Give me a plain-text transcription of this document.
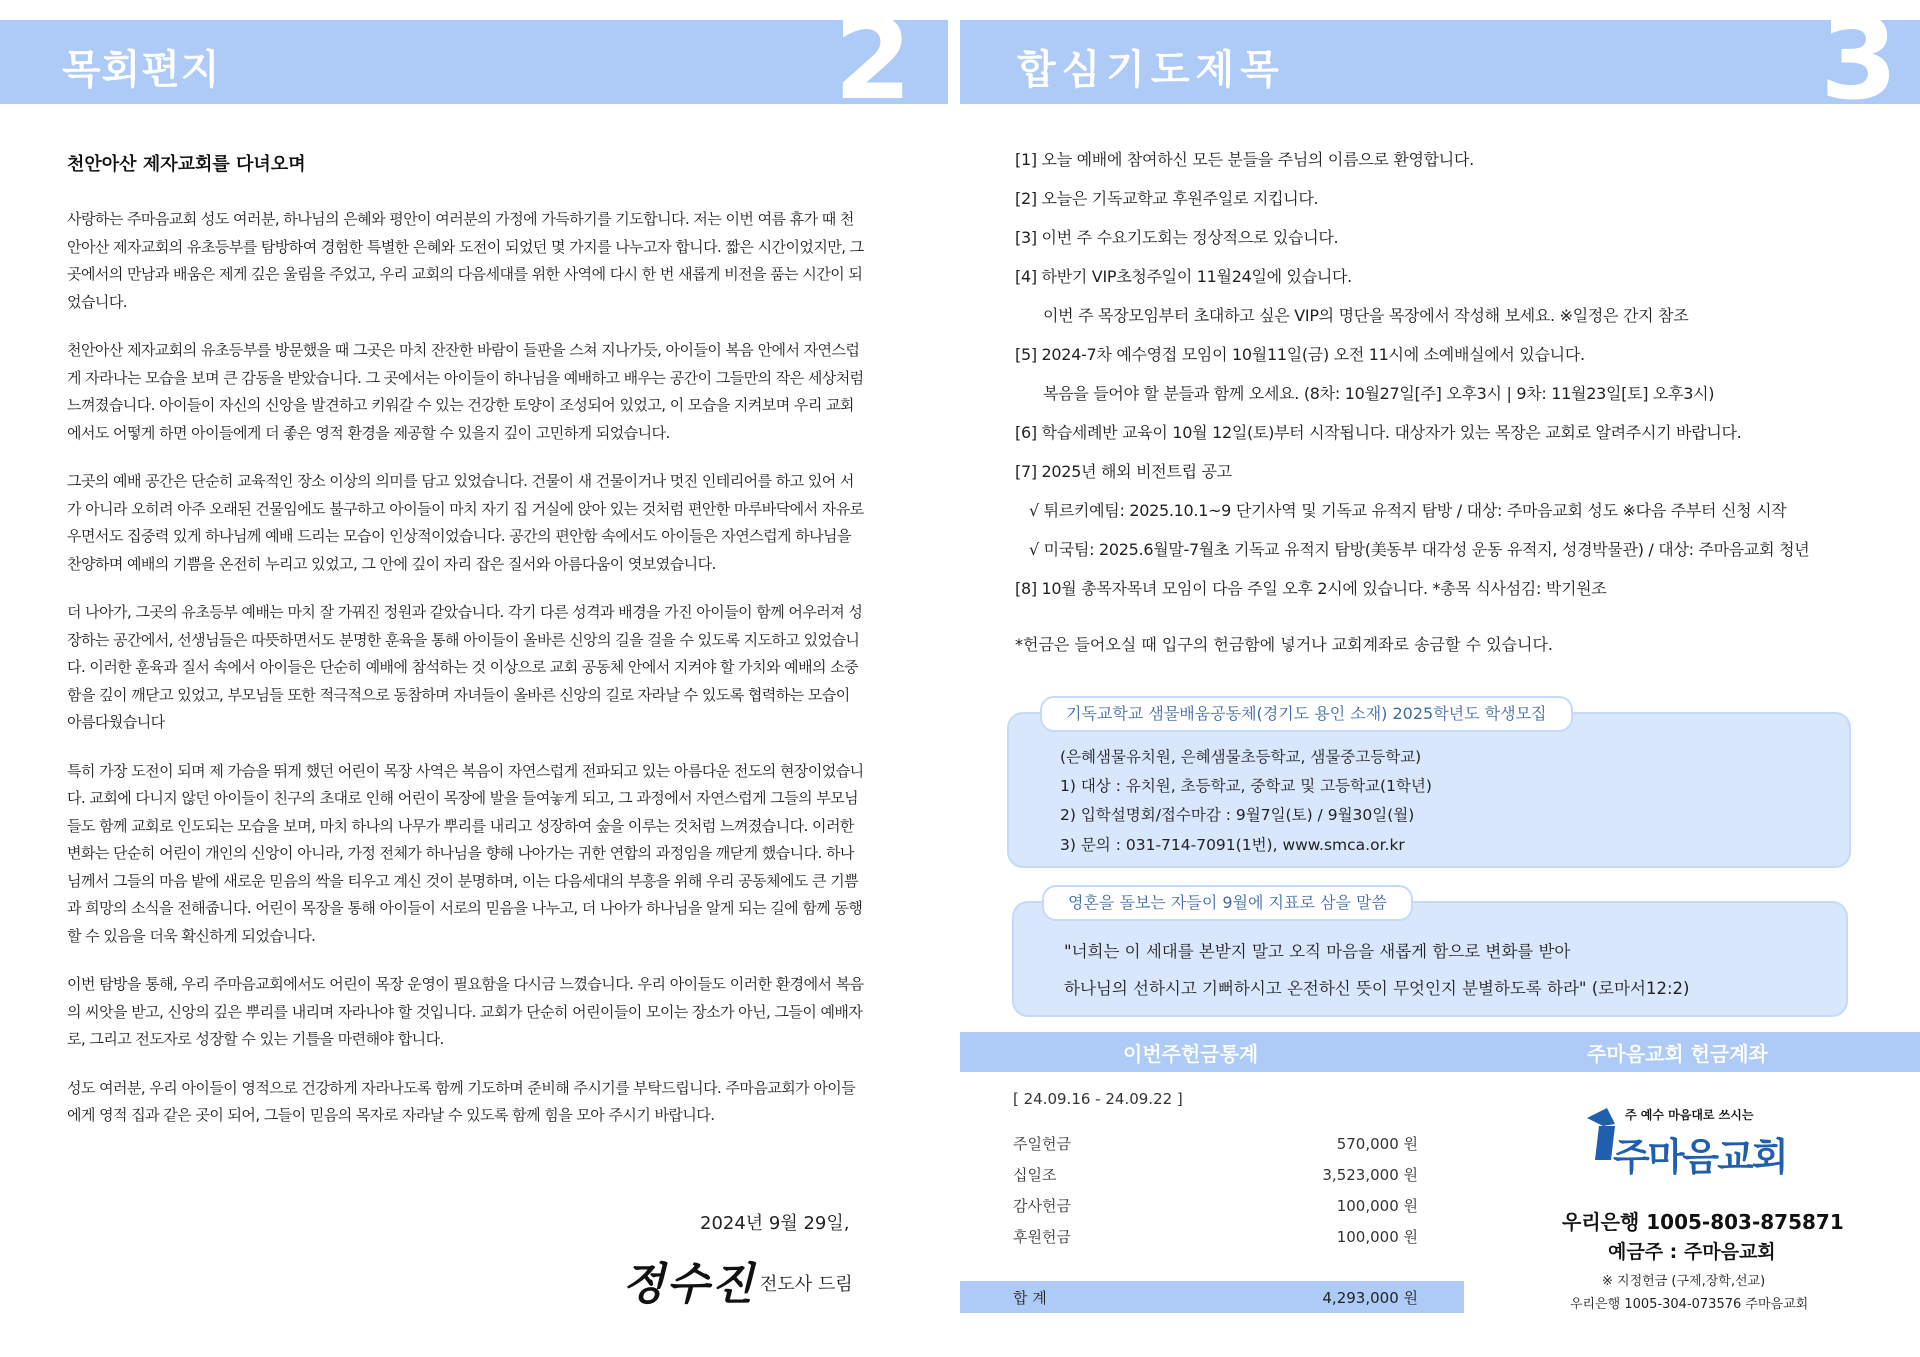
목회편지	2	합심기도제목	3
천안아산 제자교회를 다녀오며

사랑하는 주마음교회 성도 여러분, 하나님의 은혜와 평안이 여러분의 가정에 가득하기를 기도합니다. 저는 이번 여름 휴가 때 천안아산 제자교회의 유초등부를 탐방하여 경험한 특별한 은혜와 도전이 되었던 몇 가지를 나누고자 합니다. 짧은 시간이었지만, 그 곳에서의 만남과 배움은 제게 깊은 울림을 주었고, 우리 교회의 다음세대를 위한 사역에 다시 한 번 새롭게 비전을 품는 시간이 되었습니다.

천안아산 제자교회의 유초등부를 방문했을 때 그곳은 마치 잔잔한 바람이 들판을 스쳐 지나가듯, 아이들이 복음 안에서 자연스럽게 자라나는 모습을 보며 큰 감동을 받았습니다. 그 곳에서는 아이들이 하나님을 예배하고 배우는 공간이 그들만의 작은 세상처럼 느껴졌습니다. 아이들이 자신의 신앙을 발견하고 키워갈 수 있는 건강한 토양이 조성되어 있었고, 이 모습을 지켜보며 우리 교회에서도 어떻게 하면 아이들에게 더 좋은 영적 환경을 제공할 수 있을지 깊이 고민하게 되었습니다.

그곳의 예배 공간은 단순히 교육적인 장소 이상의 의미를 담고 있었습니다. 건물이 새 건물이거나 멋진 인테리어를 하고 있어 서가 아니라 오히려 아주 오래된 건물임에도 불구하고 아이들이 마치 자기 집 거실에 앉아 있는 것처럼 편안한 마루바닥에서 자유로우면서도 집중력 있게 하나님께 예배 드리는 모습이 인상적이었습니다. 공간의 편안함 속에서도 아이들은 자연스럽게 하나님을 찬양하며 예배의 기쁨을 온전히 누리고 있었고, 그 안에 깊이 자리 잡은 질서와 아름다움이 엿보였습니다.

더 나아가, 그곳의 유초등부 예배는 마치 잘 가꿔진 정원과 같았습니다. 각기 다른 성격과 배경을 가진 아이들이 함께 어우러져 성장하는 공간에서, 선생님들은 따뜻하면서도 분명한 훈육을 통해 아이들이 올바른 신앙의 길을 걸을 수 있도록 지도하고 있었습니다. 이러한 훈육과 질서 속에서 아이들은 단순히 예배에 참석하는 것 이상으로 교회 공동체 안에서 지켜야 할 가치와 예배의 소중함을 깊이 깨닫고 있었고, 부모님들 또한 적극적으로 동참하며 자녀들이 올바른 신앙의 길로 자라날 수 있도록 협력하는 모습이 아름다웠습니다

특히 가장 도전이 되며 제 가슴을 뛰게 했던 어린이 목장 사역은 복음이 자연스럽게 전파되고 있는 아름다운 전도의 현장이었습니다. 교회에 다니지 않던 아이들이 친구의 초대로 인해 어린이 목장에 발을 들여놓게 되고, 그 과정에서 자연스럽게 그들의 부모님들도 함께 교회로 인도되는 모습을 보며, 마치 하나의 나무가 뿌리를 내리고 성장하여 숲을 이루는 것처럼 느껴졌습니다. 이러한 변화는 단순히 어린이 개인의 신앙이 아니라, 가정 전체가 하나님을 향해 나아가는 귀한 연합의 과정임을 깨닫게 했습니다. 하나님께서 그들의 마음 밭에 새로운 믿음의 싹을 티우고 계신 것이 분명하며, 이는 다음세대의 부흥을 위해 우리 공동체에도 큰 기쁨과 희망의 소식을 전해줍니다. 어린이 목장을 통해 아이들이 서로의 믿음을 나누고, 더 나아가 하나님을 알게 되는 길에 함께 동행할 수 있음을 더욱 확신하게 되었습니다.

이번 탐방을 통해, 우리 주마음교회에서도 어린이 목장 운영이 필요함을 다시금 느꼈습니다. 우리 아이들도 이러한 환경에서 복음의 씨앗을 받고, 신앙의 깊은 뿌리를 내리며 자라나야 할 것입니다. 교회가 단순히 어린이들이 모이는 장소가 아닌, 그들이 예배자로, 그리고 전도자로 성장할 수 있는 기틀을 마련해야 합니다.

성도 여러분, 우리 아이들이 영적으로 건강하게 자라나도록 함께 기도하며 준비해 주시기를 부탁드립니다. 주마음교회가 아이들에게 영적 집과 같은 곳이 되어, 그들이 믿음의 목자로 자라날 수 있도록 함께 힘을 모아 주시기 바랍니다.

2024년 9월 29일,
정수진 전도사 드림
[1] 오늘 예배에 참여하신 모든 분들을 주님의 이름으로 환영합니다.
[2] 오늘은 기독교학교 후원주일로 지킵니다.
[3] 이번 주 수요기도회는 정상적으로 있습니다.
[4] 하반기 VIP초청주일이 11월24일에 있습니다.
이번 주 목장모임부터 초대하고 싶은 VIP의 명단을 목장에서 작성해 보세요. ※일정은 간지 참조
[5] 2024-7차 예수영접 모임이 10월11일(금) 오전 11시에 소예배실에서 있습니다.
복음을 들어야 할 분들과 함께 오세요. (8차: 10월27일[주] 오후3시 | 9차: 11월23일[토] 오후3시)
[6] 학습세례반 교육이 10월 12일(토)부터 시작됩니다. 대상자가 있는 목장은 교회로 알려주시기 바랍니다.
[7] 2025년 해외 비전트립 공고
√ 튀르키예팀: 2025.10.1~9 단기사역 및 기독교 유적지 탐방 / 대상: 주마음교회 성도 ※다음 주부터 신청 시작
√ 미국팀: 2025.6월말-7월초 기독교 유적지 탐방(美동부 대각성 운동 유적지, 성경박물관) / 대상: 주마음교회 청년
[8] 10월 총목자목녀 모임이 다음 주일 오후 2시에 있습니다. *총목 식사섬김: 박기원조
*헌금은 들어오실 때 입구의 헌금함에 넣거나 교회계좌로 송금할 수 있습니다.
기독교학교 샘물배움공동체(경기도 용인 소재) 2025학년도 학생모집
(은혜샘물유치원, 은혜샘물초등학교, 샘물중고등학교)
1) 대상 : 유치원, 초등학교, 중학교 및 고등학교(1학년)
2) 입학설명회/접수마감 : 9월7일(토) / 9월30일(월)
3) 문의 : 031-714-7091(1번), www.smca.or.kr
영혼을 돌보는 자들이 9월에 지표로 삼을 말씀
"너희는 이 세대를 본받지 말고 오직 마음을 새롭게 함으로 변화를 받아
하나님의 선하시고 기뻐하시고 온전하신 뜻이 무엇인지 분별하도록 하라" (로마서12:2)
이번주헌금통계	주마음교회 헌금계좌
[ 24.09.16 - 24.09.22 ]
주일헌금	570,000 원
십일조	3,523,000 원
감사헌금	100,000 원
후원헌금	100,000 원
합 계	4,293,000 원
주 예수 마음대로 쓰시는
주마음교회
우리은행 1005-803-875871
예금주 : 주마음교회
※ 지정헌금 (구제,장학,선교)
우리은행 1005-304-073576 주마음교회
